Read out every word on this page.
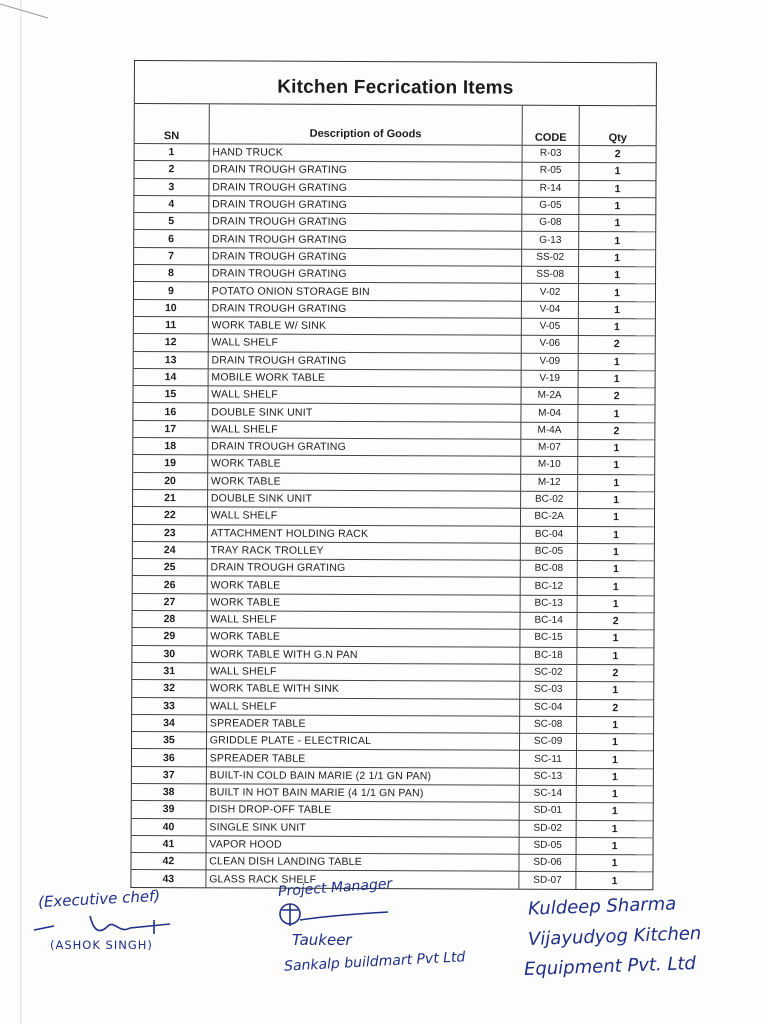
Kitchen Fecrication Items
SN	Description of Goods	CODE	Qty
1	HAND TRUCK	R-03	2
2	DRAIN TROUGH GRATING	R-05	1
3	DRAIN TROUGH GRATING	R-14	1
4	DRAIN TROUGH GRATING	G-05	1
5	DRAIN TROUGH GRATING	G-08	1
6	DRAIN TROUGH GRATING	G-13	1
7	DRAIN TROUGH GRATING	SS-02	1
8	DRAIN TROUGH GRATING	SS-08	1
9	POTATO ONION STORAGE BIN	V-02	1
10	DRAIN TROUGH GRATING	V-04	1
11	WORK TABLE W/ SINK	V-05	1
12	WALL SHELF	V-06	2
13	DRAIN TROUGH GRATING	V-09	1
14	MOBILE WORK TABLE	V-19	1
15	WALL SHELF	M-2A	2
16	DOUBLE SINK UNIT	M-04	1
17	WALL SHELF	M-4A	2
18	DRAIN TROUGH GRATING	M-07	1
19	WORK TABLE	M-10	1
20	WORK TABLE	M-12	1
21	DOUBLE SINK UNIT	BC-02	1
22	WALL SHELF	BC-2A	1
23	ATTACHMENT HOLDING RACK	BC-04	1
24	TRAY RACK TROLLEY	BC-05	1
25	DRAIN TROUGH GRATING	BC-08	1
26	WORK TABLE	BC-12	1
27	WORK TABLE	BC-13	1
28	WALL SHELF	BC-14	2
29	WORK TABLE	BC-15	1
30	WORK TABLE WITH G.N PAN	BC-18	1
31	WALL SHELF	SC-02	2
32	WORK TABLE WITH SINK	SC-03	1
33	WALL SHELF	SC-04	2
34	SPREADER TABLE	SC-08	1
35	GRIDDLE PLATE - ELECTRICAL	SC-09	1
36	SPREADER TABLE	SC-11	1
37	BUILT-IN COLD BAIN MARIE (2 1/1 GN PAN)	SC-13	1
38	BUILT IN HOT BAIN MARIE (4 1/1 GN PAN)	SC-14	1
39	DISH DROP-OFF TABLE	SD-01	1
40	SINGLE SINK UNIT	SD-02	1
41	VAPOR HOOD	SD-05	1
42	CLEAN DISH LANDING TABLE	SD-06	1
43	GLASS RACK SHELF	SD-07	1
(Executive chef)
(ASHOK SINGH)
Project Manager
Taukeer
Sankalp buildmart Pvt Ltd
Kuldeep Sharma
Vijayudyog Kitchen
Equipment Pvt. Ltd
